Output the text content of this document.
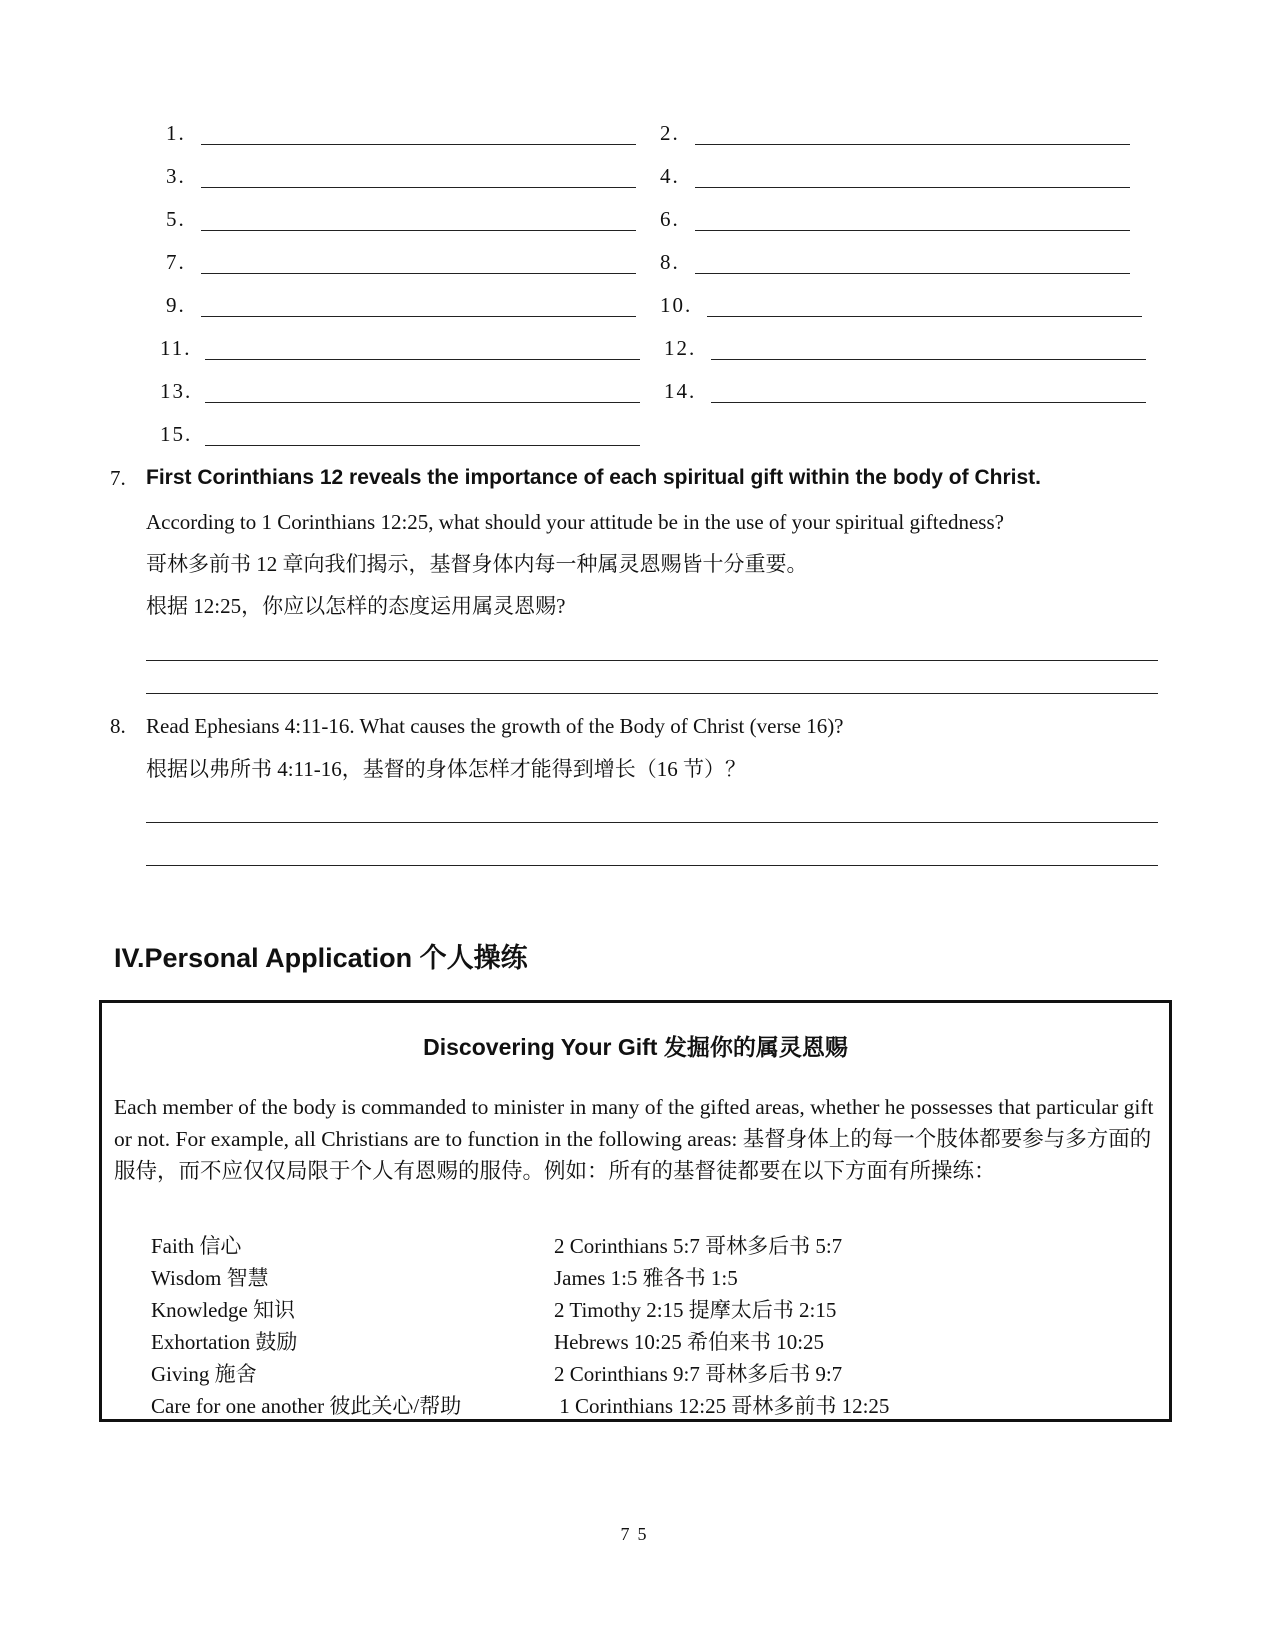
1.	2.
3.	4.
5.	6.
7.	8.
9.	10.
11.	12.
13.	14.
15.
7. First Corinthians 12 reveals the importance of each spiritual gift within the body of Christ.
According to 1 Corinthians 12:25, what should your attitude be in the use of your spiritual giftedness?
哥林多前书 12 章向我们揭示，基督身体内每一种属灵恩赐皆十分重要。
根据 12:25，你应以怎样的态度运用属灵恩赐?
8. Read Ephesians 4:11-16. What causes the growth of the Body of Christ (verse 16)?
根据以弗所书 4:11-16，基督的身体怎样才能得到增长（16 节）？
IV.Personal Application 个人操练
Discovering Your Gift 发掘你的属灵恩赐
Each member of the body is commanded to minister in many of the gifted areas, whether he possesses that particular gift or not. For example, all Christians are to function in the following areas: 基督身体上的每一个肢体都要参与多方面的服侍，而不应仅仅局限于个人有恩赐的服侍。例如：所有的基督徒都要在以下方面有所操练：
Faith 信心	2 Corinthians 5:7 哥林多后书 5:7
Wisdom 智慧	James 1:5 雅各书 1:5
Knowledge 知识	2 Timothy 2:15 提摩太后书 2:15
Exhortation 鼓励	Hebrews 10:25 希伯来书 10:25
Giving 施舍	2 Corinthians 9:7 哥林多后书 9:7
Care for one another 彼此关心/帮助	1 Corinthians 12:25 哥林多前书 12:25
75
